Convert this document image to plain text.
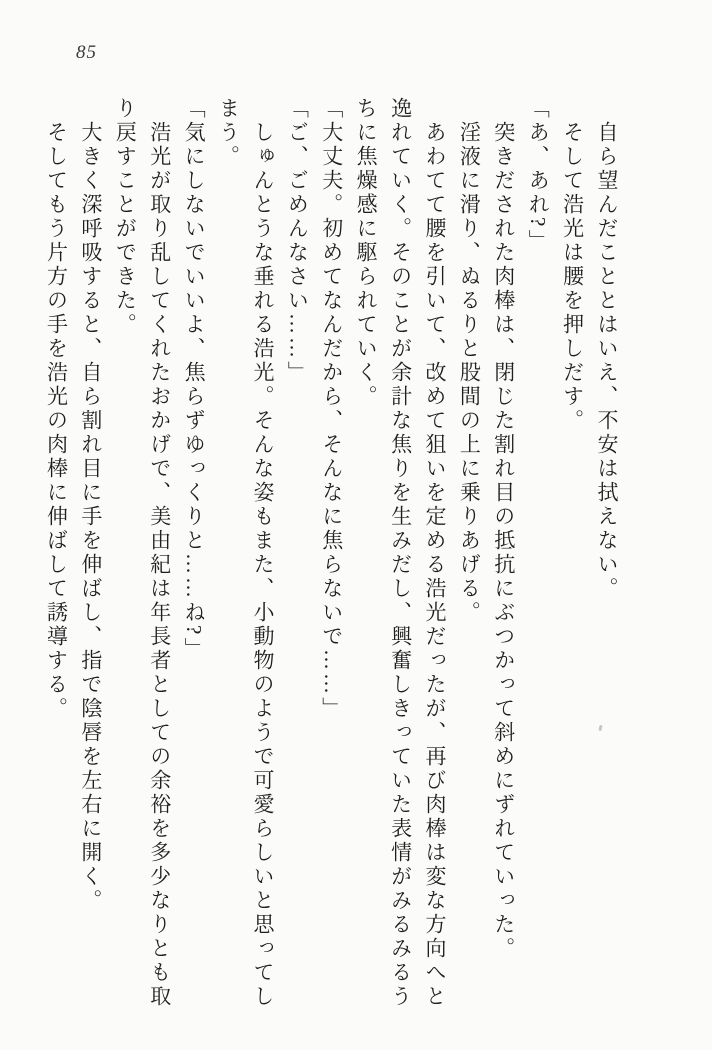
85

自ら望んだこととはいえ、不安は拭えない。

そして浩光は腰を押しだす。

「あ、あれ?」

突きだされた肉棒は、閉じた割れ目の抵抗にぶつかって斜めにずれていった。

淫液に滑り、ぬるりと股間の上に乗りあげる。

あわてて腰を引いて、改めて狙いを定める浩光だったが、再び肉棒は変な方向へと逸れていく。そのことが余計な焦りを生みだし、興奮しきっていた表情がみるみるうちに焦燥感に駆られていく。

「大丈夫。初めてなんだから、そんなに焦らないで……」

「ご、ごめんなさい……」

しゅんとうな垂れる浩光。そんな姿もまた、小動物のようで可愛らしいと思ってしまう。

「気にしないでいいよ、焦らずゆっくりと……ね?」

浩光が取り乱してくれたおかげで、美由紀は年長者としての余裕を多少なりとも取り戻すことができた。

大きく深呼吸すると、自ら割れ目に手を伸ばし、指で陰唇を左右に開く。

そしてもう片方の手を浩光の肉棒に伸ばして誘導する。
